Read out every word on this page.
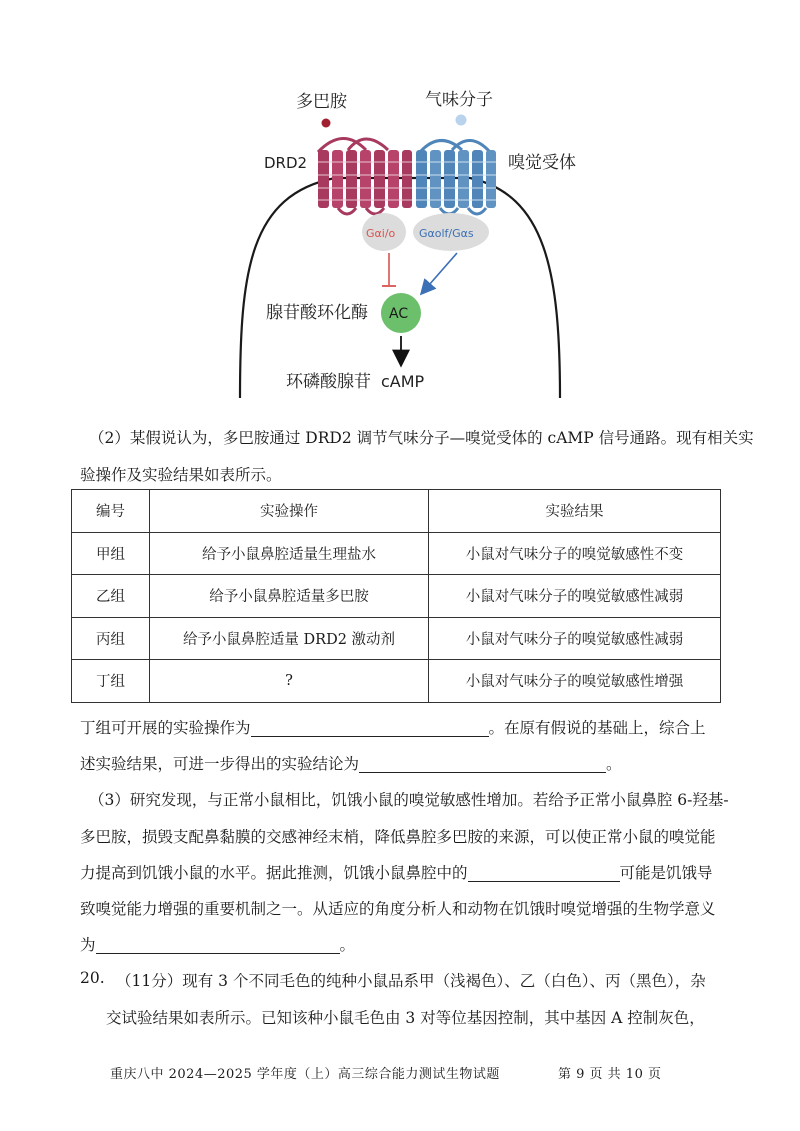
多巴胺	气味分子
DRD2	嗅觉受体
Gαi/o Gαolf/Gαs
腺苷酸环化酶 AC
环磷酸腺苷 cAMP
（2）某假说认为，多巴胺通过 DRD2 调节气味分子—嗅觉受体的 cAMP 信号通路。现有相关实
验操作及实验结果如表所示。
编号	实验操作	实验结果
甲组	给予小鼠鼻腔适量生理盐水	小鼠对气味分子的嗅觉敏感性不变
乙组	给予小鼠鼻腔适量多巴胺	小鼠对气味分子的嗅觉敏感性减弱
丙组	给予小鼠鼻腔适量 DRD2 激动剂	小鼠对气味分子的嗅觉敏感性减弱
丁组	?	小鼠对气味分子的嗅觉敏感性增强
丁组可开展的实验操作为	。在原有假说的基础上，综合上
述实验结果，可进一步得出的实验结论为	。
（3）研究发现，与正常小鼠相比，饥饿小鼠的嗅觉敏感性增加。若给予正常小鼠鼻腔 6-羟基-
多巴胺，损毁支配鼻黏膜的交感神经末梢，降低鼻腔多巴胺的来源，可以使正常小鼠的嗅觉能
力提高到饥饿小鼠的水平。据此推测，饥饿小鼠鼻腔中的	可能是饥饿导
致嗅觉能力增强的重要机制之一。从适应的角度分析人和动物在饥饿时嗅觉增强的生物学意义
为	。
20. （11分）现有 3 个不同毛色的纯种小鼠品系甲（浅褐色）、乙（白色）、丙（黑色），杂
交试验结果如表所示。已知该种小鼠毛色由 3 对等位基因控制，其中基因 A 控制灰色，
重庆八中 2024—2025 学年度（上）高三综合能力测试生物试题	第 9 页 共 10 页
